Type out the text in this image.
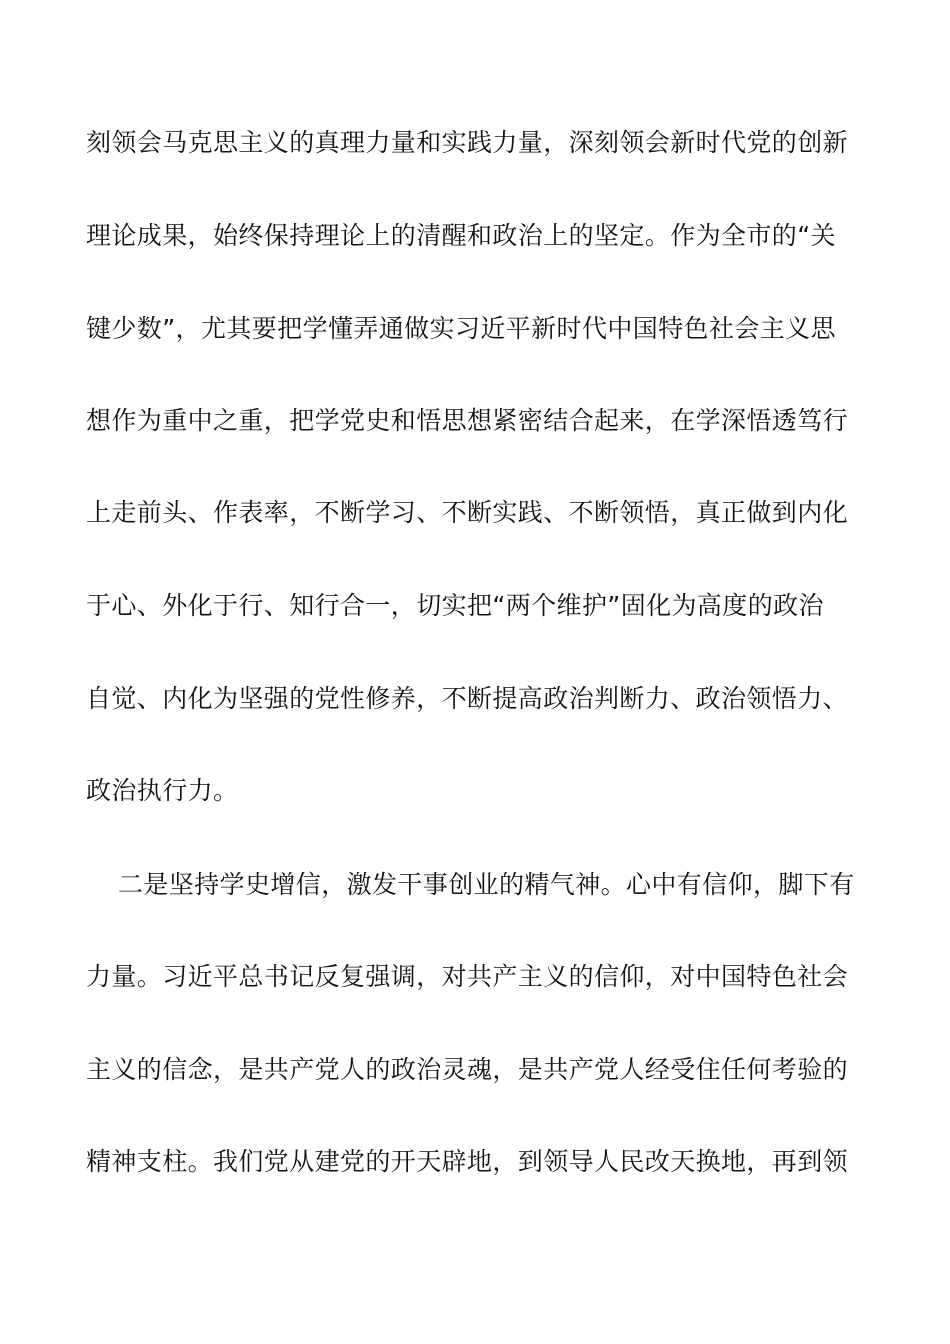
刻领会马克思主义的真理力量和实践力量，深刻领会新时代党的创新
理论成果，始终保持理论上的清醒和政治上的坚定。作为全市的“关
键少数”，尤其要把学懂弄通做实习近平新时代中国特色社会主义思
想作为重中之重，把学党史和悟思想紧密结合起来，在学深悟透笃行
上走前头、作表率，不断学习、不断实践、不断领悟，真正做到内化
于心、外化于行、知行合一，切实把“两个维护”固化为高度的政治
自觉、内化为坚强的党性修养，不断提高政治判断力、政治领悟力、
政治执行力。
二是坚持学史增信，激发干事创业的精气神。心中有信仰，脚下有
力量。习近平总书记反复强调，对共产主义的信仰，对中国特色社会
主义的信念，是共产党人的政治灵魂，是共产党人经受住任何考验的
精神支柱。我们党从建党的开天辟地，到领导人民改天换地，再到领
